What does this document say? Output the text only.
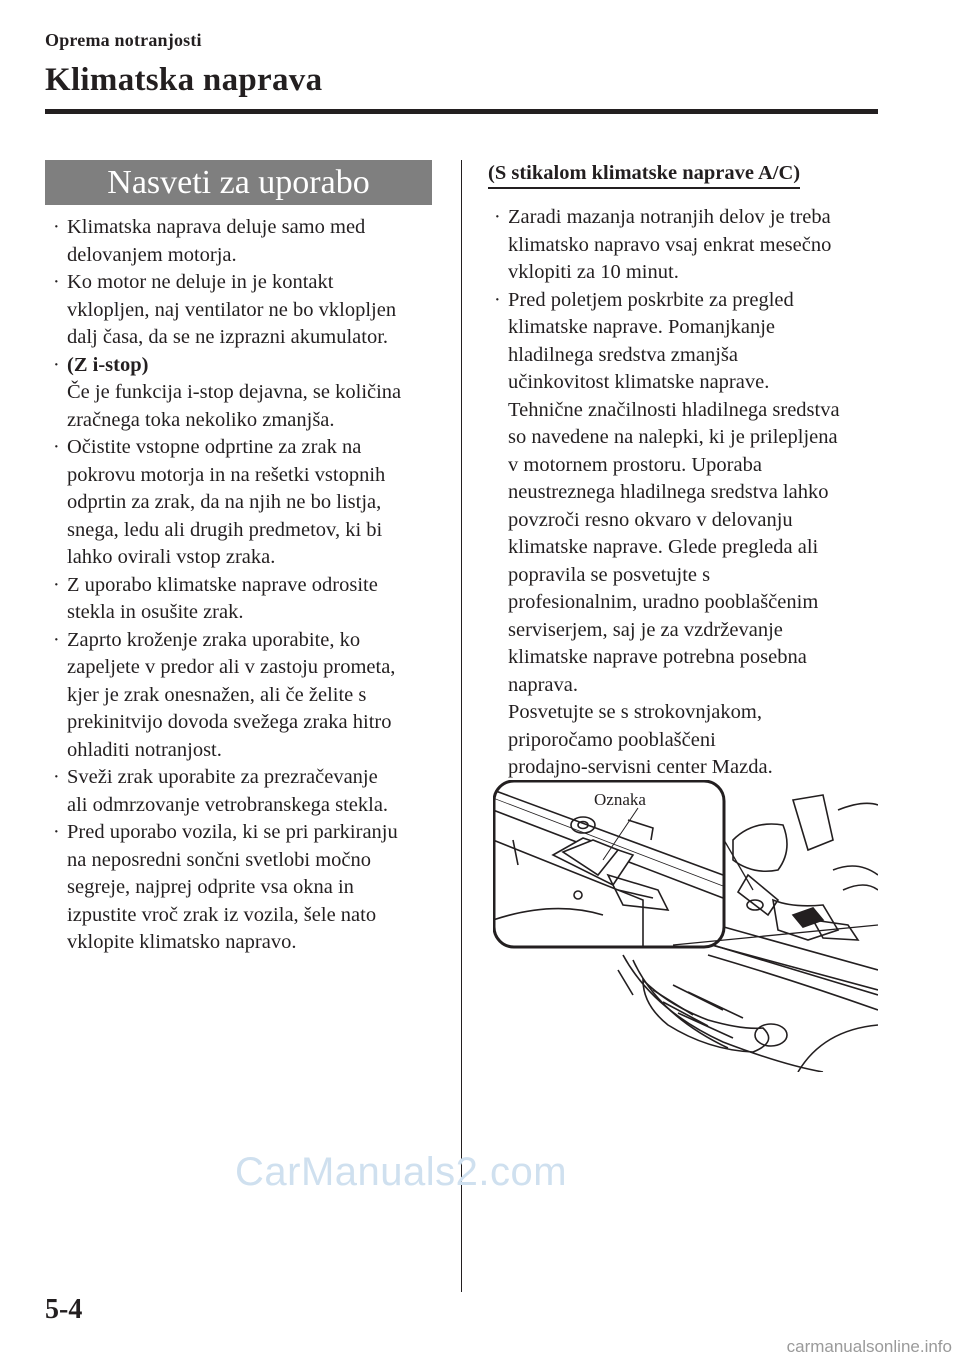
Oprema notranjosti
Klimatska naprava
Nasveti za uporabo
· Klimatska naprava deluje samo med
delovanjem motorja.
· Ko motor ne deluje in je kontakt
vklopljen, naj ventilator ne bo vklopljen
dalj časa, da se ne izprazni akumulator.
· (Z i-stop)
Če je funkcija i-stop dejavna, se količina
zračnega toka nekoliko zmanjša.
· Očistite vstopne odprtine za zrak na
pokrovu motorja in na rešetki vstopnih
odprtin za zrak, da na njih ne bo listja,
snega, ledu ali drugih predmetov, ki bi
lahko ovirali vstop zraka.
· Z uporabo klimatske naprave odrosite
stekla in osušite zrak.
· Zaprto kroženje zraka uporabite, ko
zapeljete v predor ali v zastoju prometa,
kjer je zrak onesnažen, ali če želite s
prekinitvijo dovoda svežega zraka hitro
ohladiti notranjost.
· Sveži zrak uporabite za prezračevanje
ali odmrzovanje vetrobranskega stekla.
· Pred uporabo vozila, ki se pri parkiranju
na neposredni sončni svetlobi močno
segreje, najprej odprite vsa okna in
izpustite vroč zrak iz vozila, šele nato
vklopite klimatsko napravo.
(S stikalom klimatske naprave A/C)
· Zaradi mazanja notranjih delov je treba
klimatsko napravo vsaj enkrat mesečno
vklopiti za 10 minut.
· Pred poletjem poskrbite za pregled
klimatske naprave. Pomanjkanje
hladilnega sredstva zmanjša
učinkovitost klimatske naprave.
Tehnične značilnosti hladilnega sredstva
so navedene na nalepki, ki je prilepljena
v motornem prostoru. Uporaba
neustreznega hladilnega sredstva lahko
povzroči resno okvaro v delovanju
klimatske naprave. Glede pregleda ali
popravila se posvetujte s
profesionalnim, uradno pooblaščenim
serviserjem, saj je za vzdrževanje
klimatske naprave potrebna posebna
naprava.
Posvetujte se s strokovnjakom,
priporočamo pooblaščeni
prodajno-servisni center Mazda.
Oznaka
CarManuals2.com
5-4
carmanualsonline.info
